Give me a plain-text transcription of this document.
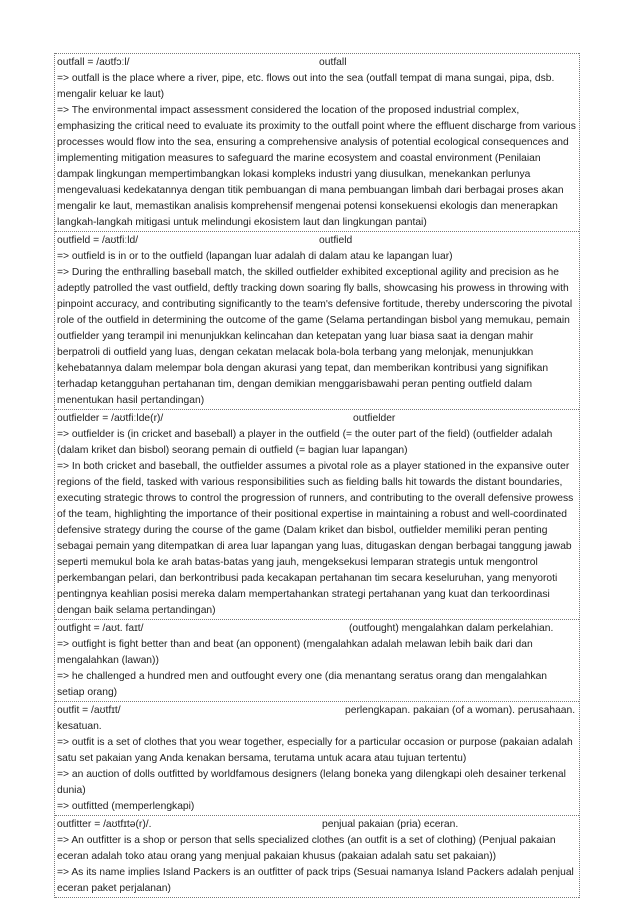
outfall = /aʊtfɔːl/	outfall

=> outfall is the place where a river, pipe, etc. flows out into the sea (outfall tempat di mana sungai, pipa, dsb. mengalir keluar ke laut)

=> The environmental impact assessment considered the location of the proposed industrial complex, emphasizing the critical need to evaluate its proximity to the outfall point where the effluent discharge from various processes would flow into the sea, ensuring a comprehensive analysis of potential ecological consequences and implementing mitigation measures to safeguard the marine ecosystem and coastal environment (Penilaian dampak lingkungan mempertimbangkan lokasi kompleks industri yang diusulkan, menekankan perlunya mengevaluasi kedekatannya dengan titik pembuangan di mana pembuangan limbah dari berbagai proses akan mengalir ke laut, memastikan analisis komprehensif mengenai potensi konsekuensi ekologis dan menerapkan langkah-langkah mitigasi untuk melindungi ekosistem laut dan lingkungan pantai)

outfield = /aʊtfiːld/	outfield

=> outfield is in or to the outfield (lapangan luar adalah di dalam atau ke lapangan luar)

=> During the enthralling baseball match, the skilled outfielder exhibited exceptional agility and precision as he adeptly patrolled the vast outfield, deftly tracking down soaring fly balls, showcasing his prowess in throwing with pinpoint accuracy, and contributing significantly to the team's defensive fortitude, thereby underscoring the pivotal role of the outfield in determining the outcome of the game (Selama pertandingan bisbol yang memukau, pemain outfielder yang terampil ini menunjukkan kelincahan dan ketepatan yang luar biasa saat ia dengan mahir berpatroli di outfield yang luas, dengan cekatan melacak bola-bola terbang yang melonjak, menunjukkan kehebatannya dalam melempar bola dengan akurasi yang tepat, dan memberikan kontribusi yang signifikan terhadap ketangguhan pertahanan tim, dengan demikian menggarisbawahi peran penting outfield dalam menentukan hasil pertandingan)

outfielder = /aʊtfiːlde(r)/	outfielder

=> outfielder is (in cricket and baseball) a player in the outfield (= the outer part of the field) (outfielder adalah (dalam kriket dan bisbol) seorang pemain di outfield (= bagian luar lapangan)

=> In both cricket and baseball, the outfielder assumes a pivotal role as a player stationed in the expansive outer regions of the field, tasked with various responsibilities such as fielding balls hit towards the distant boundaries, executing strategic throws to control the progression of runners, and contributing to the overall defensive prowess of the team, highlighting the importance of their positional expertise in maintaining a robust and well-coordinated defensive strategy during the course of the game (Dalam kriket dan bisbol, outfielder memiliki peran penting sebagai pemain yang ditempatkan di area luar lapangan yang luas, ditugaskan dengan berbagai tanggung jawab seperti memukul bola ke arah batas-batas yang jauh, mengeksekusi lemparan strategis untuk mengontrol perkembangan pelari, dan berkontribusi pada kecakapan pertahanan tim secara keseluruhan, yang menyoroti pentingnya keahlian posisi mereka dalam mempertahankan strategi pertahanan yang kuat dan terkoordinasi dengan baik selama pertandingan)

outfight = /aʊt. faɪt/	(outfought) mengalahkan dalam perkelahian.

=> outfight is fight better than and beat (an opponent) (mengalahkan adalah melawan lebih baik dari dan mengalahkan (lawan))

=> he challenged a hundred men and outfought every one (dia menantang seratus orang dan mengalahkan setiap orang)

outfit = /aʊtfɪt/	perlengkapan. pakaian (of a woman). perusahaan.

kesatuan.

=> outfit is a set of clothes that you wear together, especially for a particular occasion or purpose (pakaian adalah satu set pakaian yang Anda kenakan bersama, terutama untuk acara atau tujuan tertentu)

=> an auction of dolls outfitted by worldfamous designers (lelang boneka yang dilengkapi oleh desainer terkenal dunia)

=> outfitted (memperlengkapi)

outfitter = /aʊtfɪtə(r)/.	penjual pakaian (pria) eceran.

=> An outfitter is a shop or person that sells specialized clothes (an outfit is a set of clothing) (Penjual pakaian eceran adalah toko atau orang yang menjual pakaian khusus (pakaian adalah satu set pakaian))

=> As its name implies Island Packers is an outfitter of pack trips (Sesuai namanya Island Packers adalah penjual eceran paket perjalanan)
